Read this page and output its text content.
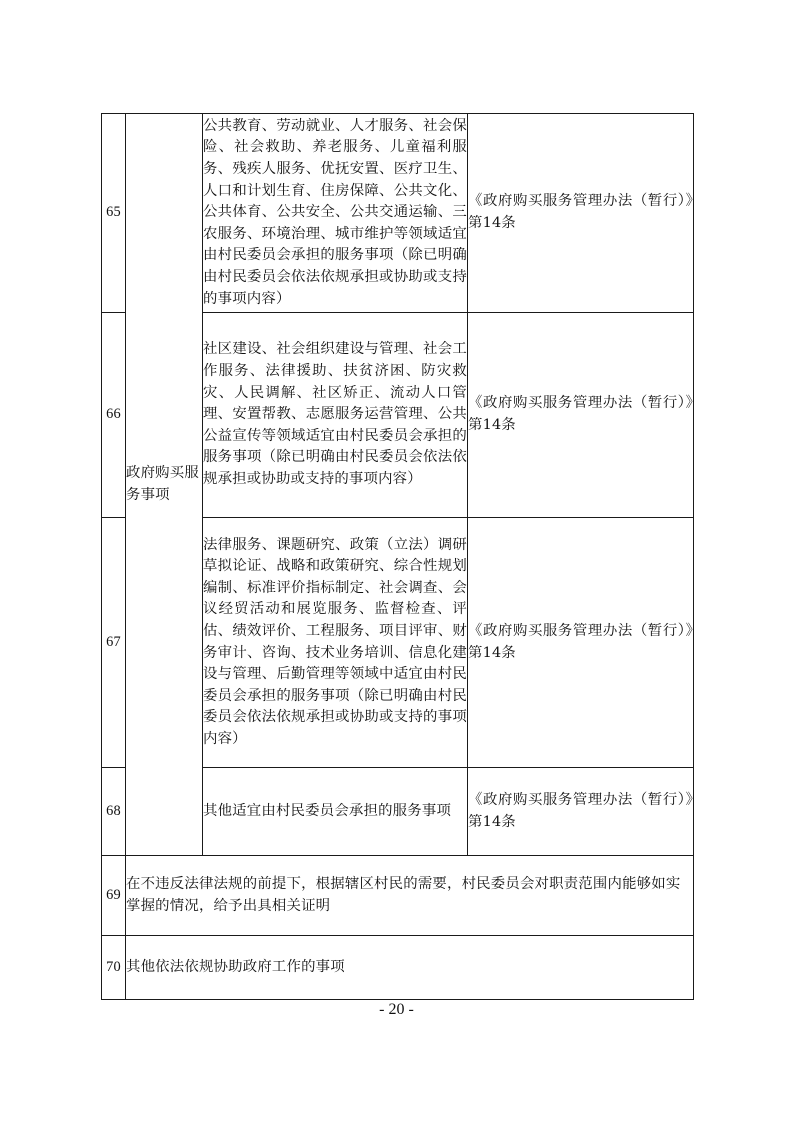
65	政府购买服务事项	公共教育、劳动就业、人才服务、社会保险、社会救助、养老服务、儿童福利服务、残疾人服务、优抚安置、医疗卫生、人口和计划生育、住房保障、公共文化、公共体育、公共安全、公共交通运输、三农服务、环境治理、城市维护等领域适宜由村民委员会承担的服务事项（除已明确由村民委员会依法依规承担或协助或支持的事项内容）	《政府购买服务管理办法（暂行）》第14条
66		社区建设、社会组织建设与管理、社会工作服务、法律援助、扶贫济困、防灾救灾、人民调解、社区矫正、流动人口管理、安置帮教、志愿服务运营管理、公共公益宣传等领域适宜由村民委员会承担的服务事项（除已明确由村民委员会依法依规承担或协助或支持的事项内容）	《政府购买服务管理办法（暂行）》第14条
67		法律服务、课题研究、政策（立法）调研草拟论证、战略和政策研究、综合性规划编制、标准评价指标制定、社会调查、会议经贸活动和展览服务、监督检查、评估、绩效评价、工程服务、项目评审、财务审计、咨询、技术业务培训、信息化建设与管理、后勤管理等领域中适宜由村民委员会承担的服务事项（除已明确由村民委员会依法依规承担或协助或支持的事项内容）	《政府购买服务管理办法（暂行）》第14条
68		其他适宜由村民委员会承担的服务事项	《政府购买服务管理办法（暂行）》第14条
69	在不违反法律法规的前提下，根据辖区村民的需要，村民委员会对职责范围内能够如实掌握的情况，给予出具相关证明		
70	其他依法依规协助政府工作的事项		
- 20 -
